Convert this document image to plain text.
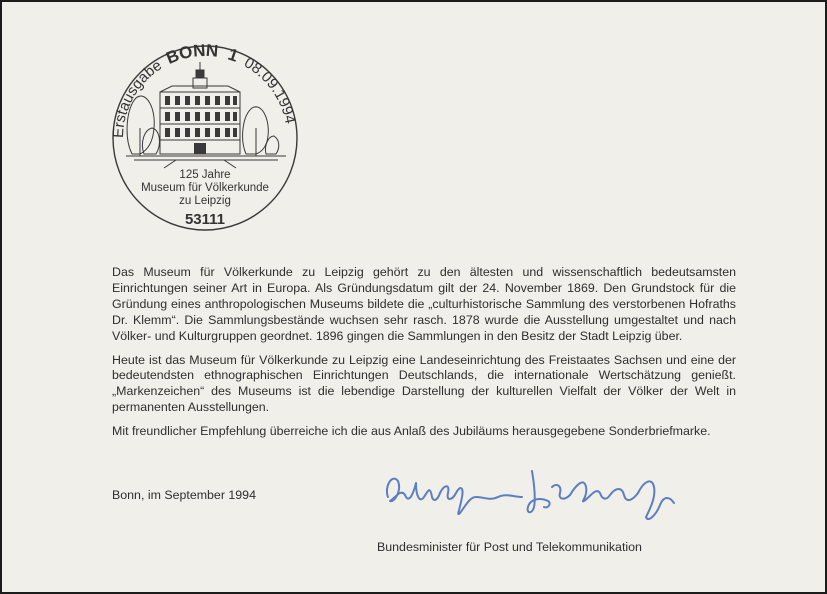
Erstausgabe BONN 1 08.09.1994
125 Jahre
Museum für Völkerkunde
zu Leipzig
53111

Das Museum für Völkerkunde zu Leipzig gehört zu den ältesten und wissenschaftlich bedeutsamsten Einrichtungen seiner Art in Europa. Als Gründungsdatum gilt der 24. November 1869. Den Grundstock für die Gründung eines anthropologischen Museums bildete die „culturhistorische Sammlung des verstorbenen Hofraths Dr. Klemm“. Die Sammlungsbestände wuchsen sehr rasch. 1878 wurde die Ausstellung umgestaltet und nach Völker- und Kulturgruppen geordnet. 1896 gingen die Sammlungen in den Besitz der Stadt Leipzig über.

Heute ist das Museum für Völkerkunde zu Leipzig eine Landeseinrichtung des Freistaates Sachsen und eine der bedeutendsten ethnographischen Einrichtungen Deutschlands, die internationale Wertschätzung genießt. „Markenzeichen“ des Museums ist die lebendige Darstellung der kulturellen Vielfalt der Völker der Welt in permanenten Ausstellungen.

Mit freundlicher Empfehlung überreiche ich die aus Anlaß des Jubiläums herausgegebene Sonderbriefmarke.

Bonn, im September 1994
Bundesminister für Post und Telekommunikation
